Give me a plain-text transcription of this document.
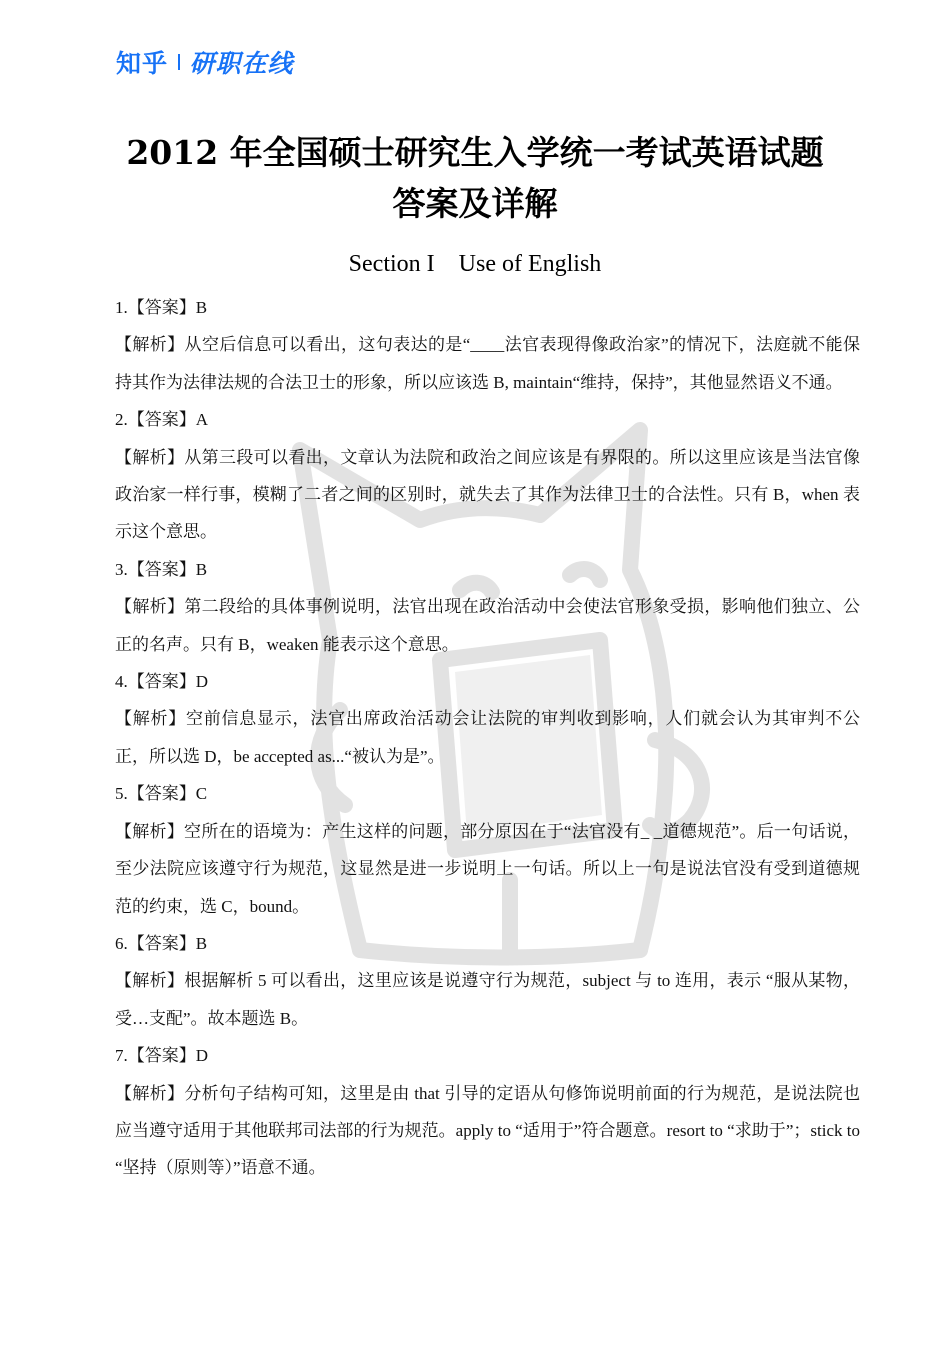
知乎 研职在线
2012 年全国硕士研究生入学统一考试英语试题
答案及详解
Section I    Use of English
1.【答案】B
【解析】从空后信息可以看出，这句表达的是“____法官表现得像政治家”的情况下，法庭就不能保持其作为法律法规的合法卫士的形象，所以应该选 B, maintain“维持，保持”，其他显然语义不通。
2.【答案】A
【解析】从第三段可以看出，文章认为法院和政治之间应该是有界限的。所以这里应该是当法官像政治家一样行事，模糊了二者之间的区别时，就失去了其作为法律卫士的合法性。只有 B，when 表示这个意思。
3.【答案】B
【解析】第二段给的具体事例说明，法官出现在政治活动中会使法官形象受损，影响他们独立、公正的名声。只有 B，weaken 能表示这个意思。
4.【答案】D
【解析】空前信息显示，法官出席政治活动会让法院的审判收到影响，人们就会认为其审判不公正，所以选 D，be accepted as...“被认为是”。
5.【答案】C
【解析】空所在的语境为：产生这样的问题，部分原因在于“法官没有_ _道德规范”。后一句话说，至少法院应该遵守行为规范，这显然是进一步说明上一句话。所以上一句是说法官没有受到道德规范的约束，选 C，bound。
6.【答案】B
【解析】根据解析 5 可以看出，这里应该是说遵守行为规范，subject 与 to 连用，表示 “服从某物，受…支配”。故本题选 B。
7.【答案】D
【解析】分析句子结构可知，这里是由 that 引导的定语从句修饰说明前面的行为规范，是说法院也应当遵守适用于其他联邦司法部的行为规范。apply to “适用于”符合题意。resort to “求助于”；stick to “坚持（原则等）”语意不通。
